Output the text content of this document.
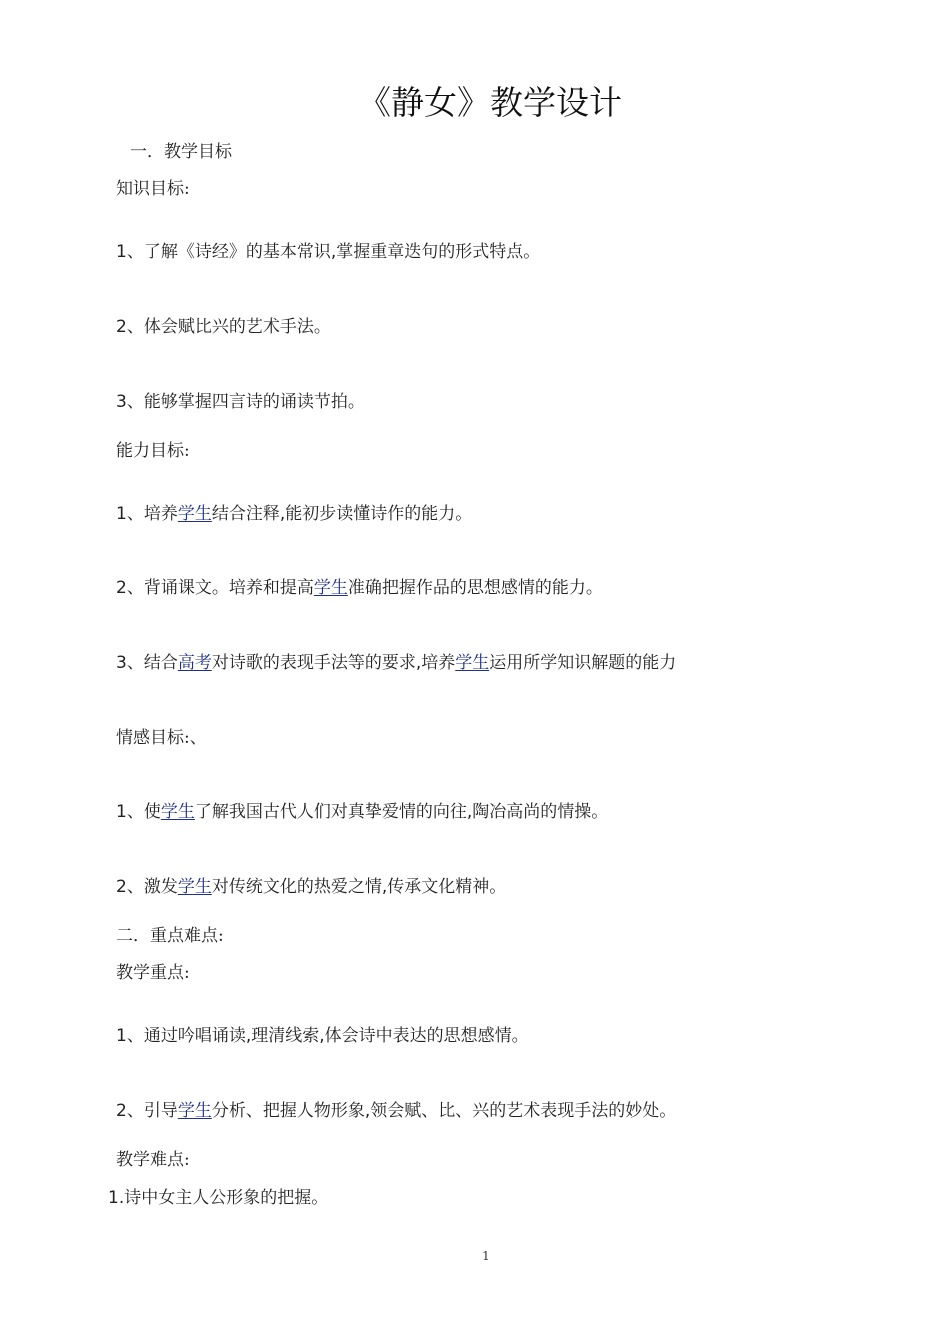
《静女》教学设计
一．教学目标
知识目标:
1、了解《诗经》的基本常识,掌握重章迭句的形式特点。
2、体会赋比兴的艺术手法。
3、能够掌握四言诗的诵读节拍。
能力目标:
1、培养学生结合注释,能初步读懂诗作的能力。
2、背诵课文。培养和提高学生准确把握作品的思想感情的能力。
3、结合高考对诗歌的表现手法等的要求,培养学生运用所学知识解题的能力
情感目标:、
1、使学生了解我国古代人们对真挚爱情的向往,陶冶高尚的情操。
2、激发学生对传统文化的热爱之情,传承文化精神。
二．重点难点:
教学重点:
1、通过吟唱诵读,理清线索,体会诗中表达的思想感情。
2、引导学生分析、把握人物形象,领会赋、比、兴的艺术表现手法的妙处。
教学难点:
1.诗中女主人公形象的把握。
1
